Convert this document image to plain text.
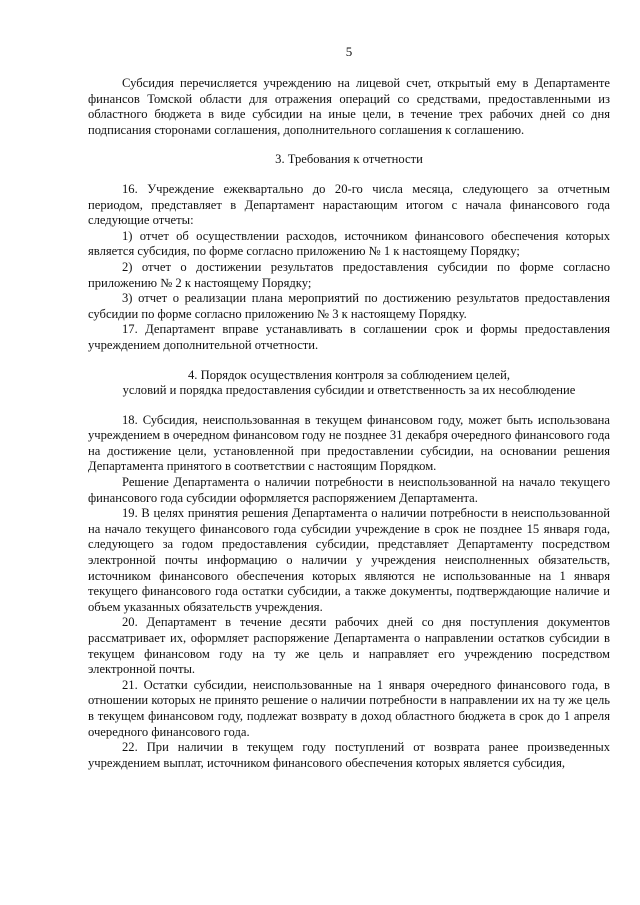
5

Субсидия перечисляется учреждению на лицевой счет, открытый ему в Департаменте финансов Томской области для отражения операций со средствами, предоставленными из областного бюджета в виде субсидии на иные цели, в течение трех рабочих дней со дня подписания сторонами соглашения, дополнительного соглашения к соглашению.

3. Требования к отчетности

16. Учреждение ежеквартально до 20-го числа месяца, следующего за отчетным периодом, представляет в Департамент нарастающим итогом с начала финансового года следующие отчеты:

1) отчет об осуществлении расходов, источником финансового обеспечения которых является субсидия, по форме согласно приложению № 1 к настоящему Порядку;

2) отчет о достижении результатов предоставления субсидии по форме согласно приложению № 2 к настоящему Порядку;

3) отчет о реализации плана мероприятий по достижению результатов предоставления субсидии по форме согласно приложению № 3 к настоящему Порядку.

17. Департамент вправе устанавливать в соглашении срок и формы предоставления учреждением дополнительной отчетности.

4. Порядок осуществления контроля за соблюдением целей,

условий и порядка предоставления субсидии и ответственность за их несоблюдение

18. Субсидия, неиспользованная в текущем финансовом году, может быть использована учреждением в очередном финансовом году не позднее 31 декабря очередного финансового года на достижение цели, установленной при предоставлении субсидии, на основании решения Департамента принятого в соответствии с настоящим Порядком.

Решение Департамента о наличии потребности в неиспользованной на начало текущего финансового года субсидии оформляется распоряжением Департамента.

19. В целях принятия решения Департамента о наличии потребности в неиспользованной на начало текущего финансового года субсидии учреждение в срок не позднее 15 января года, следующего за годом предоставления субсидии, представляет Департаменту посредством электронной почты информацию о наличии у учреждения неисполненных обязательств, источником финансового обеспечения которых являются не использованные на 1 января текущего финансового года остатки субсидии, а также документы, подтверждающие наличие и объем указанных обязательств учреждения.

20. Департамент в течение десяти рабочих дней со дня поступления документов рассматривает их, оформляет распоряжение Департамента о направлении остатков субсидии в текущем финансовом году на ту же цель и направляет его учреждению посредством электронной почты.

21. Остатки субсидии, неиспользованные на 1 января очередного финансового года, в отношении которых не принято решение о наличии потребности в направлении их на ту же цель в текущем финансовом году, подлежат возврату в доход областного бюджета в срок до 1 апреля очередного финансового года.

22. При наличии в текущем году поступлений от возврата ранее произведенных учреждением выплат, источником финансового обеспечения которых является субсидия,
